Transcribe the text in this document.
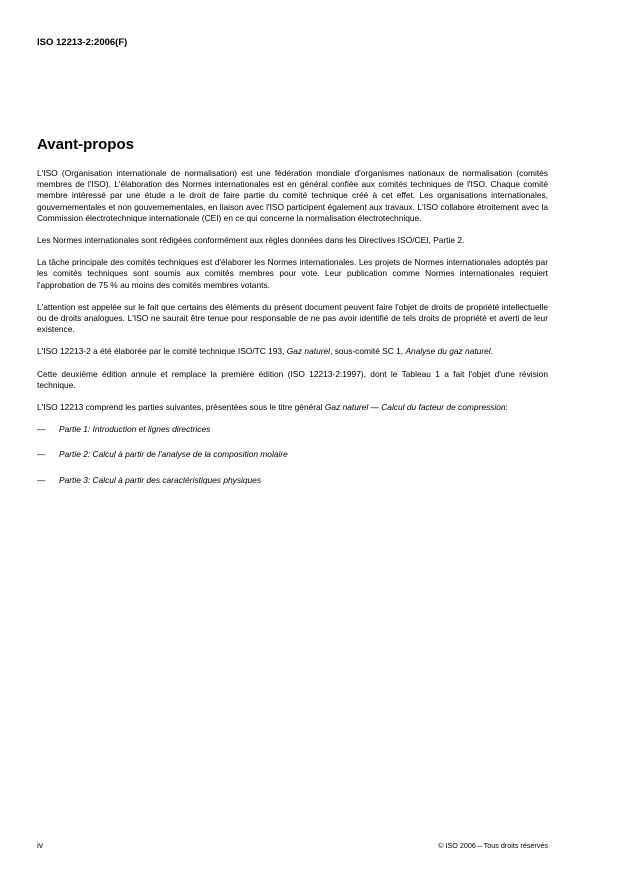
ISO 12213-2:2006(F)
Avant-propos

L'ISO (Organisation internationale de normalisation) est une fédération mondiale d'organismes nationaux de normalisation (comités membres de l'ISO). L'élaboration des Normes internationales est en général confiée aux comités techniques de l'ISO. Chaque comité membre intéressé par une étude a le droit de faire partie du comité technique créé à cet effet. Les organisations internationales, gouvernementales et non gouvernementales, en liaison avec l'ISO participent également aux travaux. L'ISO collabore étroitement avec la Commission électrotechnique internationale (CEI) en ce qui concerne la normalisation électrotechnique.

Les Normes internationales sont rédigées conformément aux règles données dans les Directives ISO/CEI, Partie 2.

La tâche principale des comités techniques est d'élaborer les Normes internationales. Les projets de Normes internationales adoptés par les comités techniques sont soumis aux comités membres pour vote. Leur publication comme Normes internationales requiert l'approbation de 75 % au moins des comités membres votants.

L'attention est appelée sur le fait que certains des éléments du présent document peuvent faire l'objet de droits de propriété intellectuelle ou de droits analogues. L'ISO ne saurait être tenue pour responsable de ne pas avoir identifié de tels droits de propriété et averti de leur existence.

L'ISO 12213-2 a été élaborée par le comité technique ISO/TC 193, Gaz naturel, sous-comité SC 1, Analyse du gaz naturel.

Cette deuxième édition annule et remplace la première édition (ISO 12213-2:1997), dont le Tableau 1 a fait l'objet d'une révision technique.

L'ISO 12213 comprend les parties suivantes, présentées sous le titre général Gaz naturel — Calcul du facteur de compression:

— Partie 1: Introduction et lignes directrices
— Partie 2: Calcul à partir de l'analyse de la composition molaire
— Partie 3: Calcul à partir des caractéristiques physiques
iv	© ISO 2006 – Tous droits réservés
